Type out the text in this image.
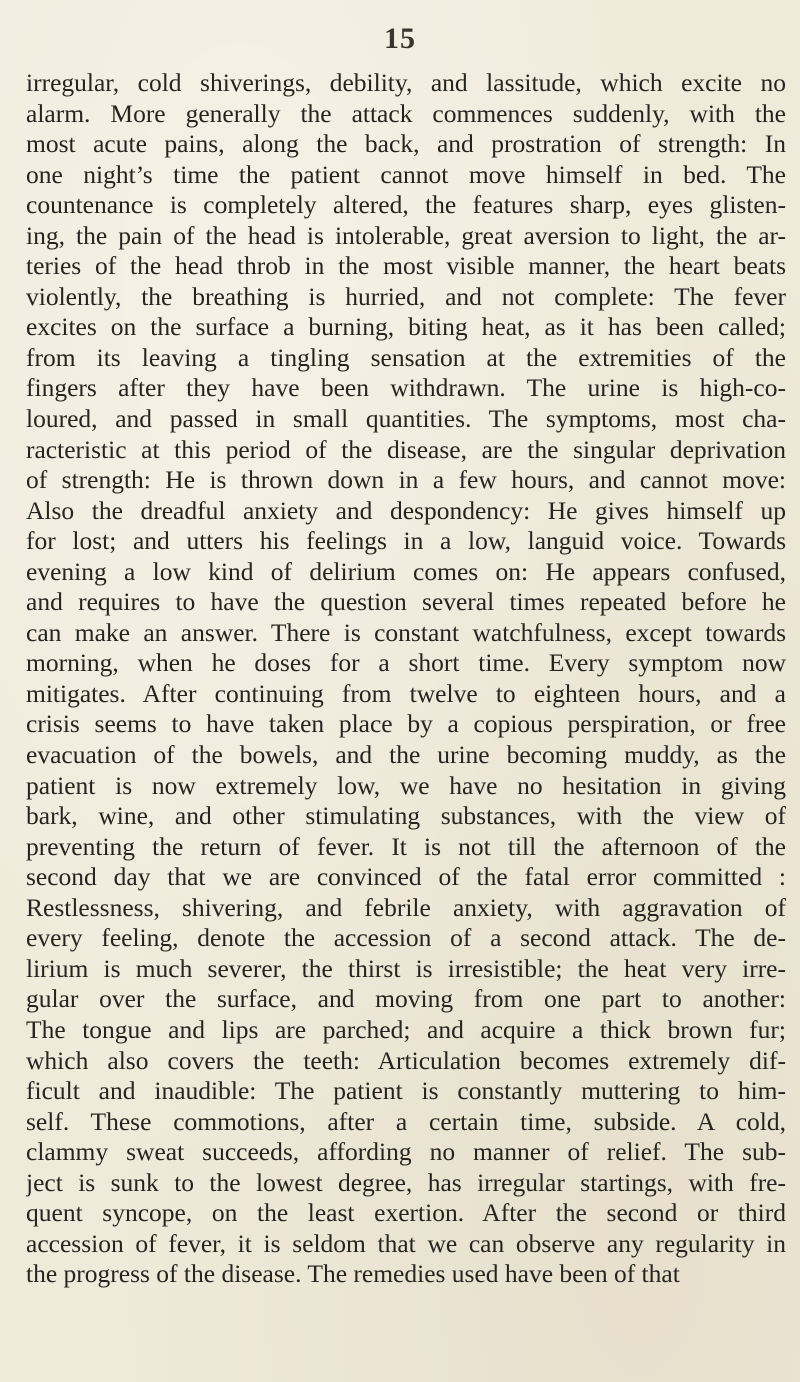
15
irregular, cold shiverings, debility, and lassitude, which excite no
alarm. More generally the attack commences suddenly, with the
most acute pains, along the back, and prostration of strength: In
one night’s time the patient cannot move himself in bed. The
countenance is completely altered, the features sharp, eyes glisten-
ing, the pain of the head is intolerable, great aversion to light, the ar-
teries of the head throb in the most visible manner, the heart beats
violently, the breathing is hurried, and not complete: The fever
excites on the surface a burning, biting heat, as it has been called;
from its leaving a tingling sensation at the extremities of the
fingers after they have been withdrawn. The urine is high-co-
loured, and passed in small quantities. The symptoms, most cha-
racteristic at this period of the disease, are the singular deprivation
of strength: He is thrown down in a few hours, and cannot move:
Also the dreadful anxiety and despondency: He gives himself up
for lost; and utters his feelings in a low, languid voice. Towards
evening a low kind of delirium comes on: He appears confused,
and requires to have the question several times repeated before he
can make an answer. There is constant watchfulness, except towards
morning, when he doses for a short time. Every symptom now
mitigates. After continuing from twelve to eighteen hours, and a
crisis seems to have taken place by a copious perspiration, or free
evacuation of the bowels, and the urine becoming muddy, as the
patient is now extremely low, we have no hesitation in giving
bark, wine, and other stimulating substances, with the view of
preventing the return of fever. It is not till the afternoon of the
second day that we are convinced of the fatal error committed :
Restlessness, shivering, and febrile anxiety, with aggravation of
every feeling, denote the accession of a second attack. The de-
lirium is much severer, the thirst is irresistible; the heat very irre-
gular over the surface, and moving from one part to another:
The tongue and lips are parched; and acquire a thick brown fur;
which also covers the teeth: Articulation becomes extremely dif-
ficult and inaudible: The patient is constantly muttering to him-
self. These commotions, after a certain time, subside. A cold,
clammy sweat succeeds, affording no manner of relief. The sub-
ject is sunk to the lowest degree, has irregular startings, with fre-
quent syncope, on the least exertion. After the second or third
accession of fever, it is seldom that we can observe any regularity in
the progress of the disease. The remedies used have been of that
